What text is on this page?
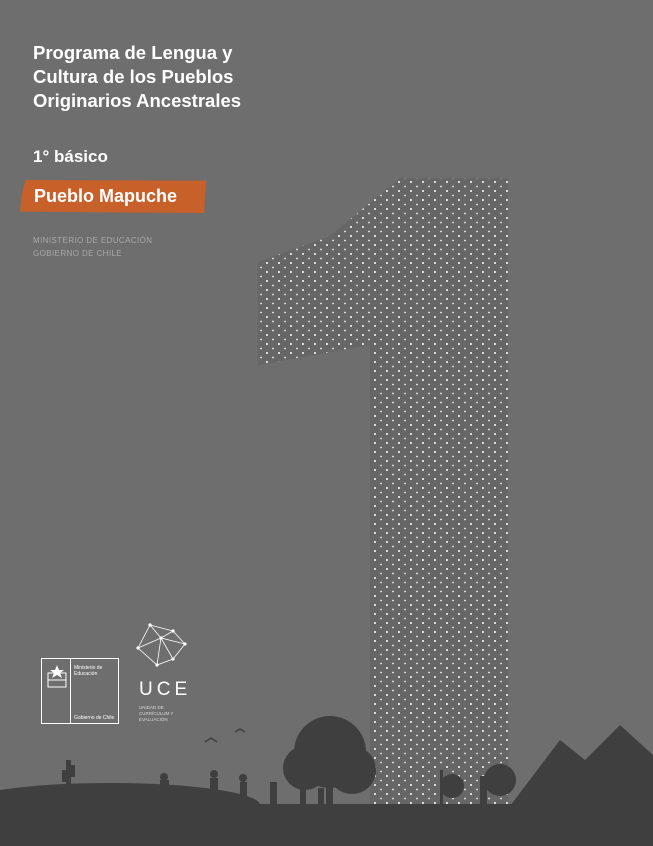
Programa de Lengua y
Cultura de los Pueblos
Originarios Ancestrales
1° básico
Pueblo Mapuche
MINISTERIO DE EDUCACIÓN
GOBIERNO DE CHILE
Ministerio de
Educación
Gobierno de Chile
UCE
UNIDAD DE
CURRÍCULUM Y
EVALUACIÓN
